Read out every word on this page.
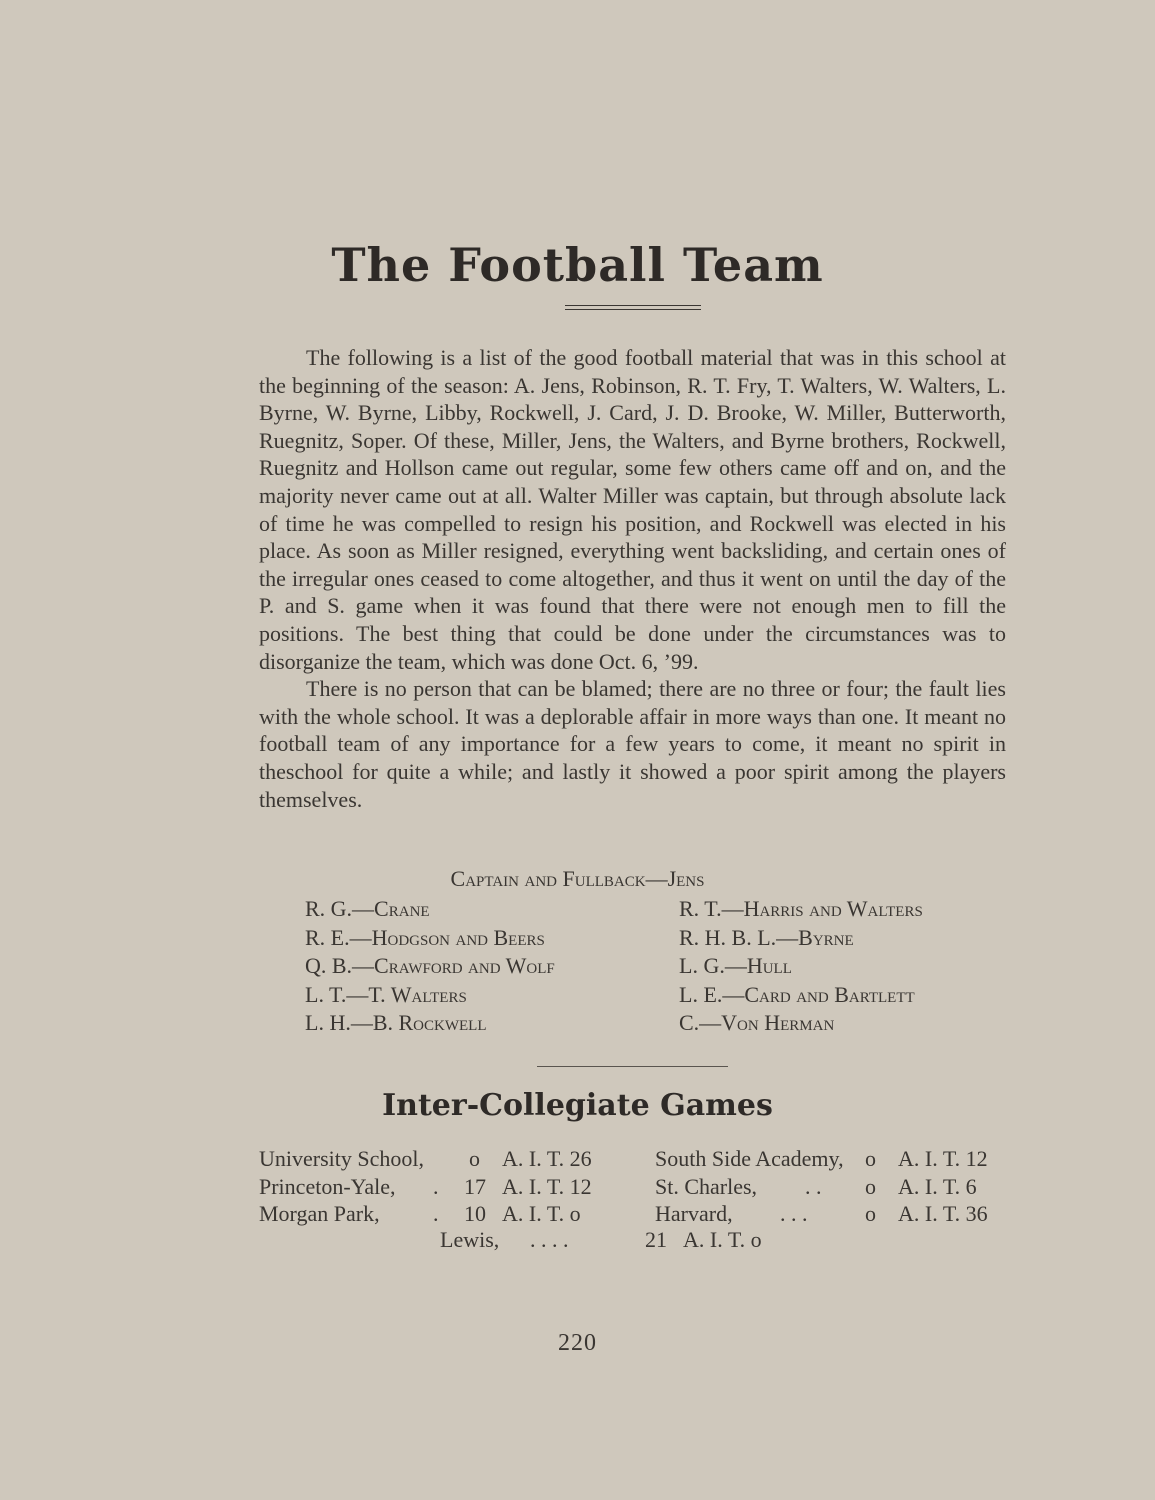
The Football Team

The following is a list of the good football material that was in this school at the beginning of the season: A. Jens, Robinson, R. T. Fry, T. Walters, W. Walters, L. Byrne, W. Byrne, Libby, Rockwell, J. Card, J. D. Brooke, W. Miller, Butterworth, Ruegnitz, Soper. Of these, Miller, Jens, the Walters, and Byrne brothers, Rockwell, Ruegnitz and Hollson came out regular, some few others came off and on, and the majority never came out at all. Walter Miller was captain, but through absolute lack of time he was compelled to resign his position, and Rockwell was elected in his place. As soon as Miller resigned, everything went backsliding, and certain ones of the irregular ones ceased to come altogether, and thus it went on until the day of the P. and S. game when it was found that there were not enough men to fill the positions. The best thing that could be done under the circumstances was to disorganize the team, which was done Oct. 6, ’99.

There is no person that can be blamed; there are no three or four; the fault lies with the whole school. It was a deplorable affair in more ways than one. It meant no football team of any importance for a few years to come, it meant no spirit in theschool for quite a while; and lastly it showed a poor spirit among the players themselves.

Captain and Fullback—Jens
R. G.—Crane
R. E.—Hodgson and Beers
Q. B.—Crawford and Wolf
L. T.—T. Walters
L. H.—B. Rockwell
R. T.—Harris and Walters
R. H. B. L.—Byrne
L. G.—Hull
L. E.—Card and Bartlett
C.—Von Herman
Inter-Collegiate Games
University School, o A. I. T. 26
Princeton-Yale, . 17 A. I. T. 12
Morgan Park, . 10 A. I. T. o
South Side Academy, o A. I. T. 12
St. Charles, . . o A. I. T. 6
Harvard, . . .	o A. I. T. 36
Lewis, . . . .	21 A. I. T. o
220
